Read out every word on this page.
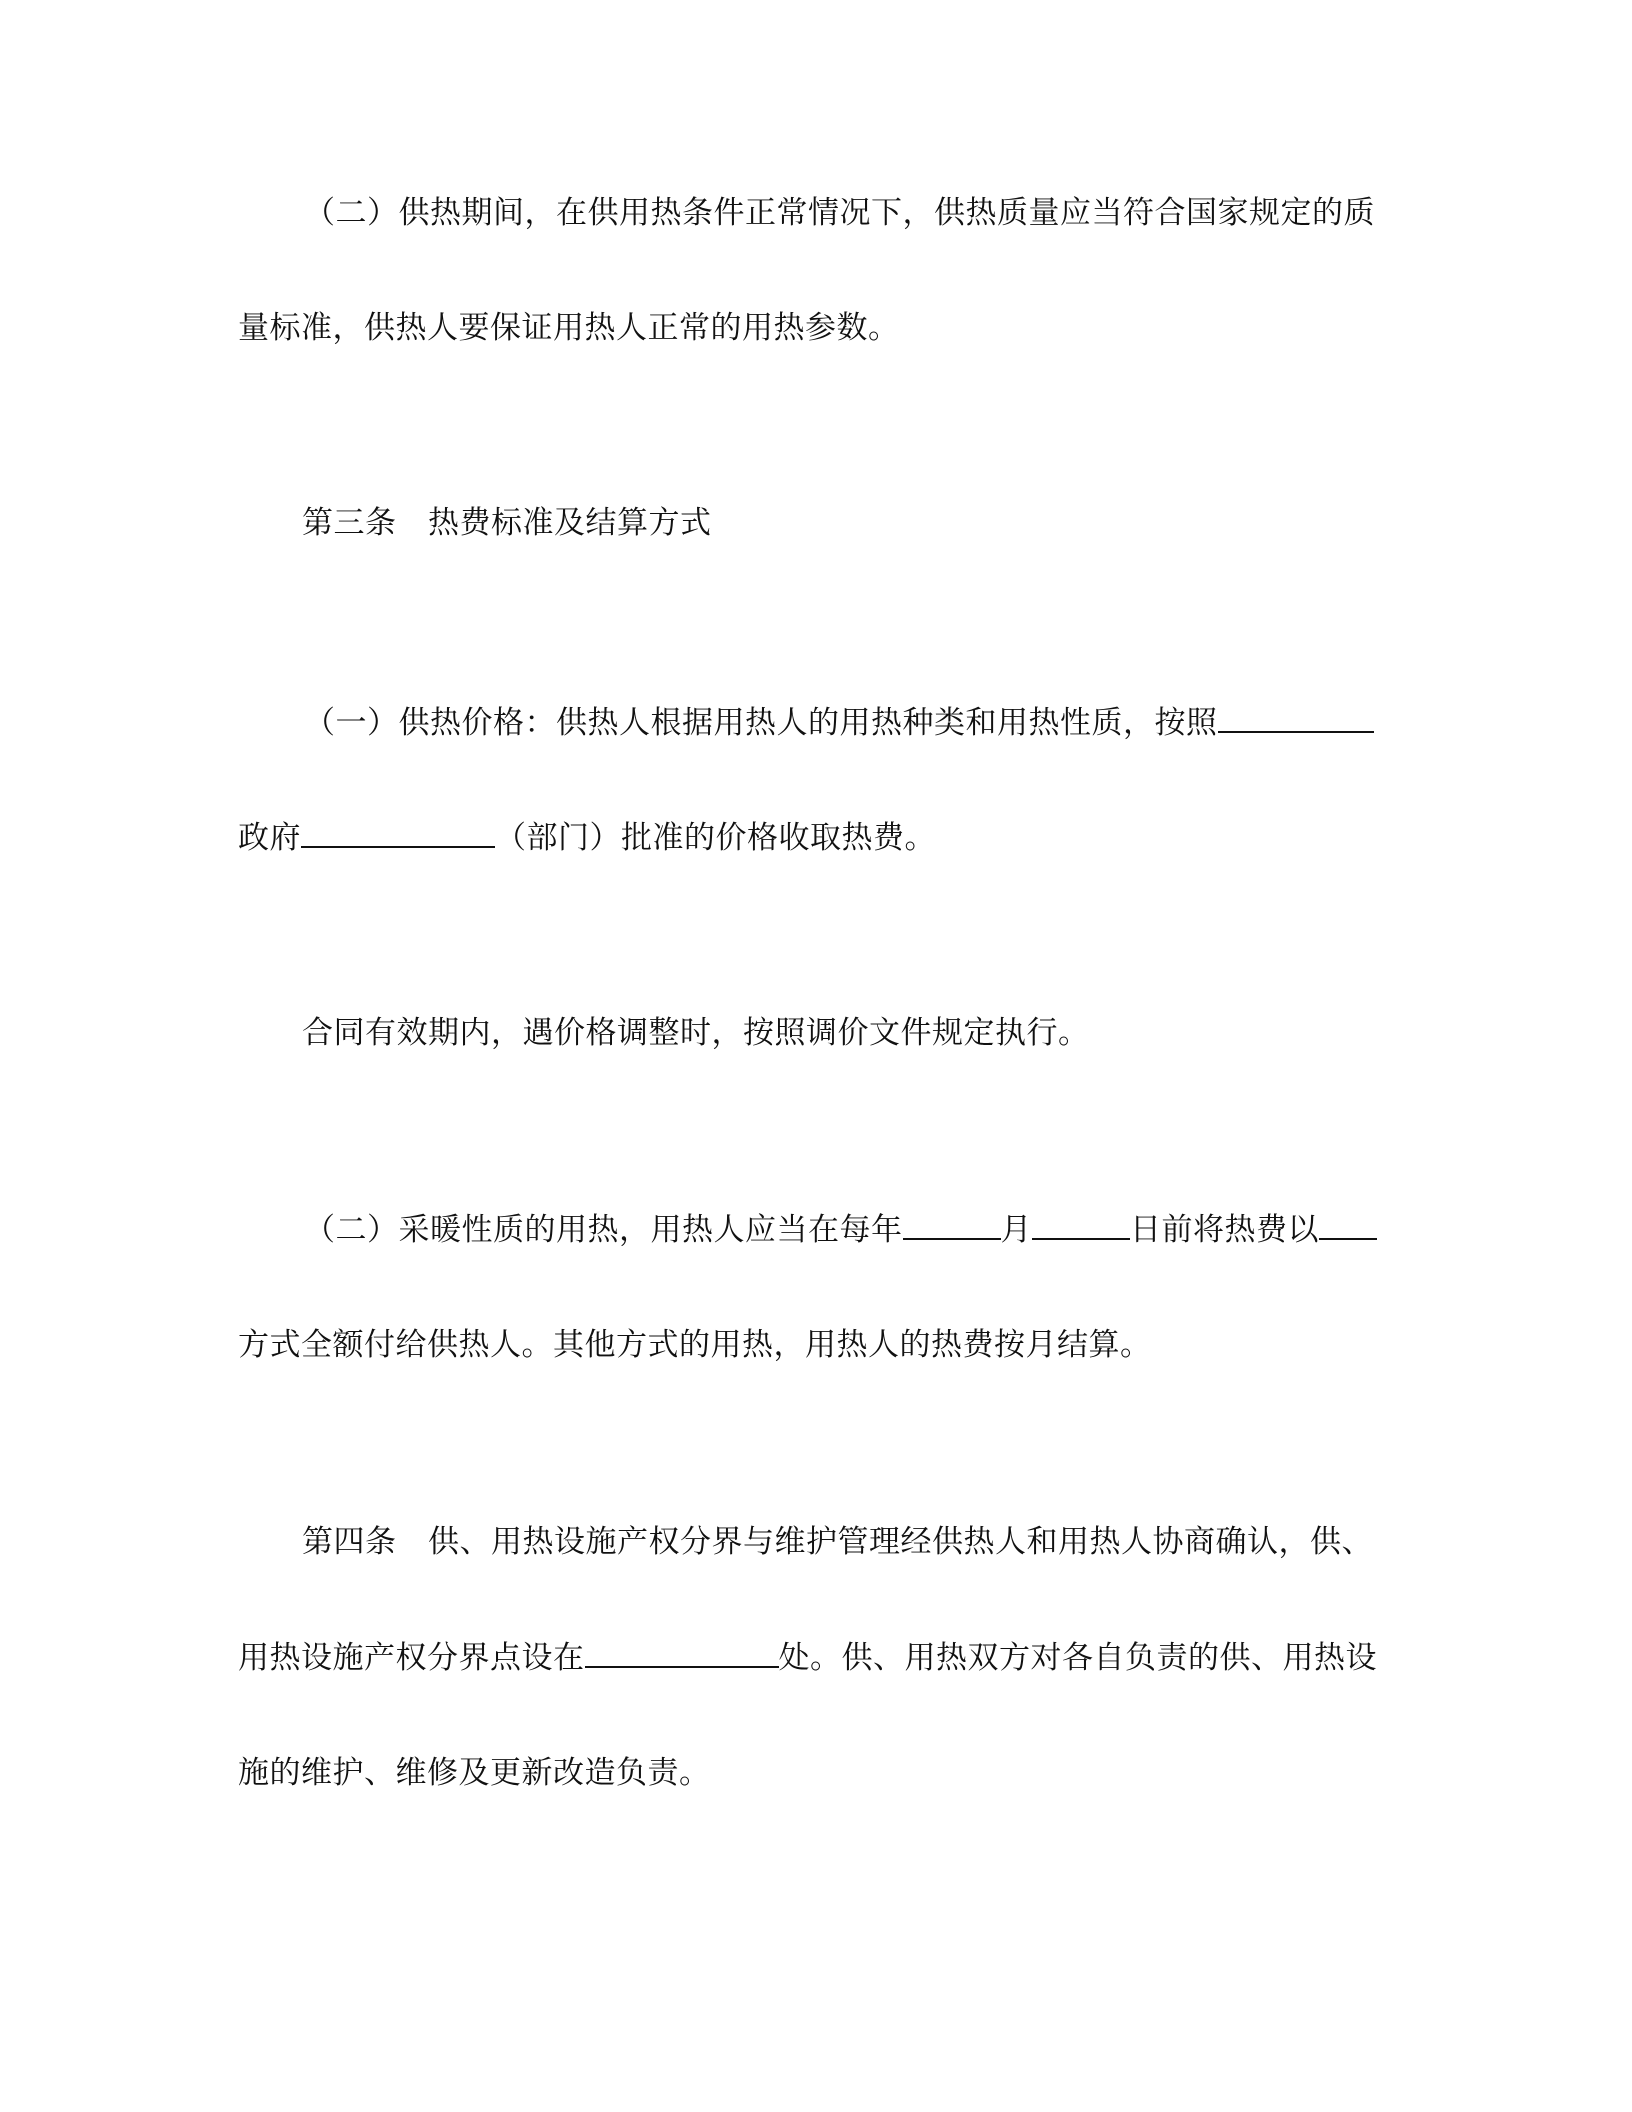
（二）供热期间，在供用热条件正常情况下，供热质量应当符合国家规定的质
量标准，供热人要保证用热人正常的用热参数。
第三条　热费标准及结算方式
（一）供热价格：供热人根据用热人的用热种类和用热性质，按照
政府	（部门）批准的价格收取热费。
合同有效期内，遇价格调整时，按照调价文件规定执行。
（二）采暖性质的用热，用热人应当在每年	月	日前将热费以
方式全额付给供热人。其他方式的用热，用热人的热费按月结算。
第四条　供、用热设施产权分界与维护管理经供热人和用热人协商确认，供、
用热设施产权分界点设在	处。供、用热双方对各自负责的供、用热设
施的维护、维修及更新改造负责。
